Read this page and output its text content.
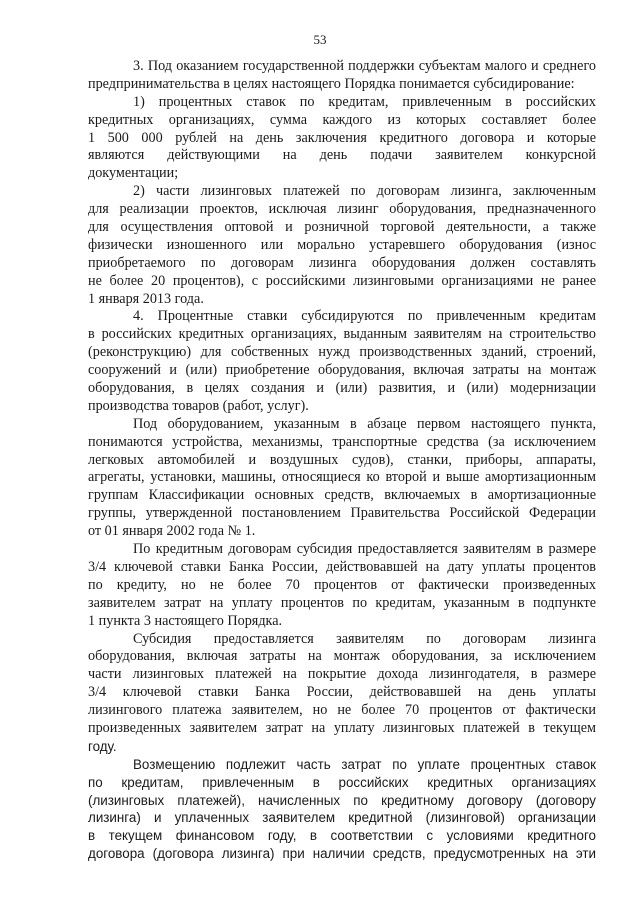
53
3. Под оказанием государственной поддержки субъектам малого и среднего
предпринимательства в целях настоящего Порядка понимается субсидирование:
1) процентных ставок по кредитам, привлеченным в российских
кредитных организациях, сумма каждого из которых составляет более
1 500 000 рублей на день заключения кредитного договора и которые
являются действующими на день подачи заявителем конкурсной
документации;
2) части лизинговых платежей по договорам лизинга, заключенным
для реализации проектов, исключая лизинг оборудования, предназначенного
для осуществления оптовой и розничной торговой деятельности, а также
физически изношенного или морально устаревшего оборудования (износ
приобретаемого по договорам лизинга оборудования должен составлять
не более 20 процентов), с российскими лизинговыми организациями не ранее
1 января 2013 года.
4. Процентные ставки субсидируются по привлеченным кредитам
в российских кредитных организациях, выданным заявителям на строительство
(реконструкцию) для собственных нужд производственных зданий, строений,
сооружений и (или) приобретение оборудования, включая затраты на монтаж
оборудования, в целях создания и (или) развития, и (или) модернизации
производства товаров (работ, услуг).
Под оборудованием, указанным в абзаце первом настоящего пункта,
понимаются устройства, механизмы, транспортные средства (за исключением
легковых автомобилей и воздушных судов), станки, приборы, аппараты,
агрегаты, установки, машины, относящиеся ко второй и выше амортизационным
группам Классификации основных средств, включаемых в амортизационные
группы, утвержденной постановлением Правительства Российской Федерации
от 01 января 2002 года № 1.
По кредитным договорам субсидия предоставляется заявителям в размере
3/4 ключевой ставки Банка России, действовавшей на дату уплаты процентов
по кредиту, но не более 70 процентов от фактически произведенных
заявителем затрат на уплату процентов по кредитам, указанным в подпункте
1 пункта 3 настоящего Порядка.
Субсидия предоставляется заявителям по договорам лизинга
оборудования, включая затраты на монтаж оборудования, за исключением
части лизинговых платежей на покрытие дохода лизингодателя, в размере
3/4 ключевой ставки Банка России, действовавшей на день уплаты
лизингового платежа заявителем, но не более 70 процентов от фактически
произведенных заявителем затрат на уплату лизинговых платежей в текущем
году.
Возмещению подлежит часть затрат по уплате процентных ставок
по кредитам, привлеченным в российских кредитных организациях
(лизинговых платежей), начисленных по кредитному договору (договору
лизинга) и уплаченных заявителем кредитной (лизинговой) организации
в текущем финансовом году, в соответствии с условиями кредитного
договора (договора лизинга) при наличии средств, предусмотренных на эти
